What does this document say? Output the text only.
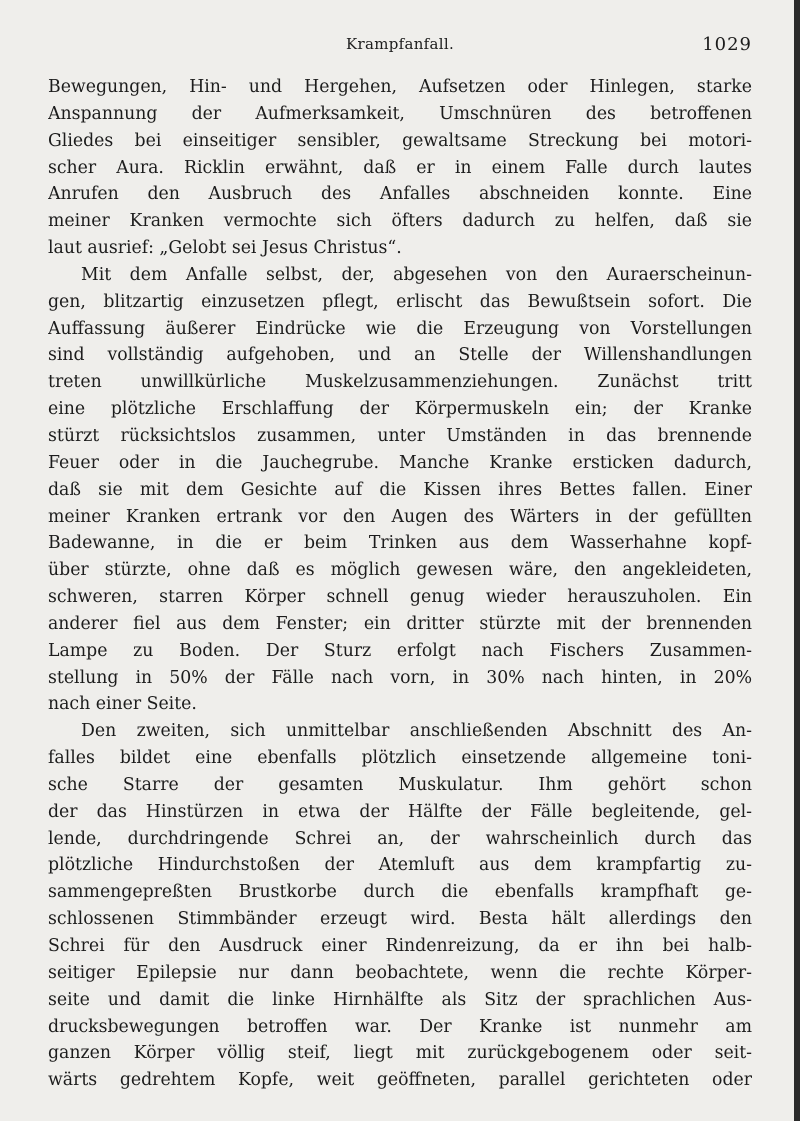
Krampfanfall.	1029
Bewegungen, Hin- und Hergehen, Aufsetzen oder Hinlegen, starke
Anspannung der Aufmerksamkeit, Umschnüren des betroffenen
Gliedes bei einseitiger sensibler, gewaltsame Streckung bei motori-
scher Aura. Ricklin erwähnt, daß er in einem Falle durch lautes
Anrufen den Ausbruch des Anfalles abschneiden konnte. Eine
meiner Kranken vermochte sich öfters dadurch zu helfen, daß sie
laut ausrief: „Gelobt sei Jesus Christus“.
Mit dem Anfalle selbst, der, abgesehen von den Auraerscheinun-
gen, blitzartig einzusetzen pflegt, erlischt das Bewußtsein sofort. Die
Auffassung äußerer Eindrücke wie die Erzeugung von Vorstellungen
sind vollständig aufgehoben, und an Stelle der Willenshandlungen
treten unwillkürliche Muskelzusammenziehungen. Zunächst tritt
eine plötzliche Erschlaffung der Körpermuskeln ein; der Kranke
stürzt rücksichtslos zusammen, unter Umständen in das brennende
Feuer oder in die Jauchegrube. Manche Kranke ersticken dadurch,
daß sie mit dem Gesichte auf die Kissen ihres Bettes fallen. Einer
meiner Kranken ertrank vor den Augen des Wärters in der gefüllten
Badewanne, in die er beim Trinken aus dem Wasserhahne kopf-
über stürzte, ohne daß es möglich gewesen wäre, den angekleideten,
schweren, starren Körper schnell genug wieder herauszuholen. Ein
anderer fiel aus dem Fenster; ein dritter stürzte mit der brennenden
Lampe zu Boden. Der Sturz erfolgt nach Fischers Zusammen-
stellung in 50% der Fälle nach vorn, in 30% nach hinten, in 20%
nach einer Seite.
Den zweiten, sich unmittelbar anschließenden Abschnitt des An-
falles bildet eine ebenfalls plötzlich einsetzende allgemeine toni-
sche Starre der gesamten Muskulatur. Ihm gehört schon
der das Hinstürzen in etwa der Hälfte der Fälle begleitende, gel-
lende, durchdringende Schrei an, der wahrscheinlich durch das
plötzliche Hindurchstoßen der Atemluft aus dem krampfartig zu-
sammengepreßten Brustkorbe durch die ebenfalls krampfhaft ge-
schlossenen Stimmbänder erzeugt wird. Besta hält allerdings den
Schrei für den Ausdruck einer Rindenreizung, da er ihn bei halb-
seitiger Epilepsie nur dann beobachtete, wenn die rechte Körper-
seite und damit die linke Hirnhälfte als Sitz der sprachlichen Aus-
drucksbewegungen betroffen war. Der Kranke ist nunmehr am
ganzen Körper völlig steif, liegt mit zurückgebogenem oder seit-
wärts gedrehtem Kopfe, weit geöffneten, parallel gerichteten oder
